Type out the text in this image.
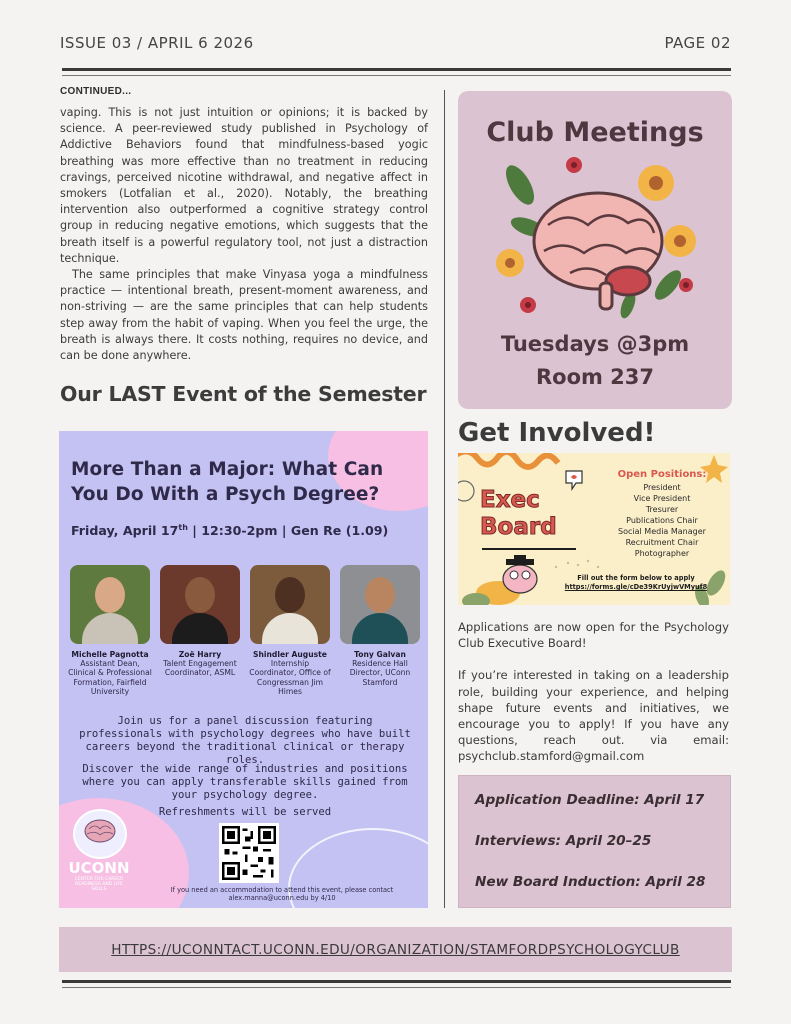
ISSUE 03 / APRIL 6 2026	PAGE 02
CONTINUED...

vaping. This is not just intuition or opinions; it is backed by science. A peer-reviewed study published in Psychology of Addictive Behaviors found that mindfulness-based yogic breathing was more effective than no treatment in reducing cravings, perceived nicotine withdrawal, and negative affect in smokers (Lotfalian et al., 2020). Notably, the breathing intervention also outperformed a cognitive strategy control group in reducing negative emotions, which suggests that the breath itself is a powerful regulatory tool, not just a distraction technique.

The same principles that make Vinyasa yoga a mindfulness practice — intentional breath, present-moment awareness, and non-striving — are the same principles that can help students step away from the habit of vaping. When you feel the urge, the breath is always there. It costs nothing, requires no device, and can be done anywhere.

Our LAST Event of the Semester
More Than a Major: What Can You Do With a Psych Degree?
Friday, April 17th | 12:30-2pm | Gen Re (1.09)
Michelle Pagnotta
Assistant Dean, Clinical & Professional Formation, Fairfield University
Zoë Harry
Talent Engagement Coordinator, ASML
Shindler Auguste
Internship Coordinator, Office of Congressman Jim Himes
Tony Galvan
Residence Hall Director, UConn Stamford
Join us for a panel discussion featuring professionals with psychology degrees who have built careers beyond the traditional clinical or therapy roles.
Discover the wide range of industries and positions where you can apply transferable skills gained from your psychology degree.
Refreshments will be served
UCONN
CENTER FOR CAREER READINESS AND LIFE SKILLS	If you need an accommodation to attend this event, please contact alex.manna@uconn.edu by 4/10
Club Meetings
Tuesdays @3pm
Room 237
Get Involved!
Exec
Board
Open Positions:
President
Vice President
Tresurer
Publications Chair
Social Media Manager
Recruitment Chair
Photographer
Fill out the form below to apply
https://forms.gle/cDe39KrUyjwVMyuf8

Applications are now open for the Psychology Club Executive Board!

If you’re interested in taking on a leadership role, building your experience, and helping shape future events and initiatives, we encourage you to apply! If you have any questions, reach out. via email: psychclub.stamford@gmail.com

Application Deadline: April 17
Interviews: April 20–25
New Board Induction: April 28
HTTPS://UCONNTACT.UCONN.EDU/ORGANIZATION/STAMFORDPSYCHOLOGYCLUB
